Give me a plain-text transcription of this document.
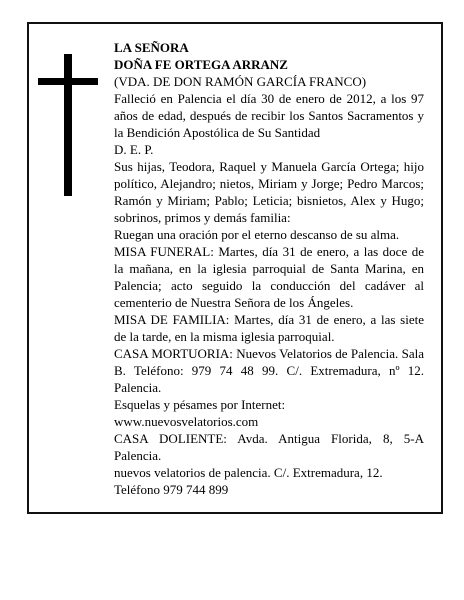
LA SEÑORA

DOÑA FE ORTEGA ARRANZ

(VDA. DE DON RAMÓN GARCÍA FRANCO)

Falleció en Palencia el día 30 de enero de 2012, a los 97 años de edad, después de recibir los Santos Sacramentos y la Bendición Apostólica de Su Santidad

D. E. P.

Sus hijas, Teodora, Raquel y Manuela García Ortega; hijo político, Alejandro; nietos, Miriam y Jorge; Pedro Marcos; Ramón y Miriam; Pablo; Leticia; bisnietos, Alex y Hugo; sobrinos, primos y demás familia:

Ruegan una oración por el eterno descanso de su alma.

MISA FUNERAL: Martes, día 31 de enero, a las doce de la mañana, en la iglesia parroquial de Santa Marina, en Palencia; acto seguido la conducción del cadáver al cementerio de Nuestra Señora de los Ángeles.

MISA DE FAMILIA: Martes, día 31 de enero, a las siete de la tarde, en la misma iglesia parroquial.

CASA MORTUORIA: Nuevos Velatorios de Palencia. Sala B. Teléfono: 979 74 48 99. C/. Extremadura, nº 12. Palencia.

Esquelas y pésames por Internet:

www.nuevosvelatorios.com

CASA DOLIENTE: Avda. Antigua Florida, 8, 5-A Palencia.

nuevos velatorios de palencia. C/. Extremadura, 12.

Teléfono 979 744 899
